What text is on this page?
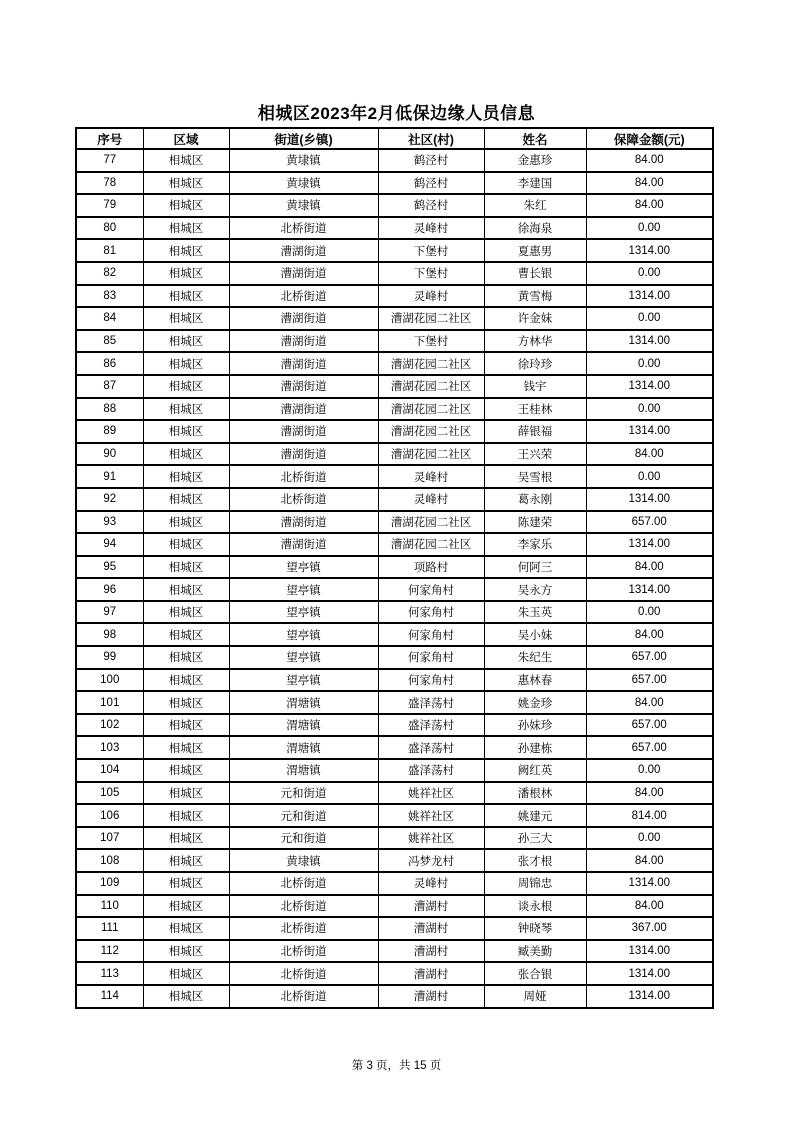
相城区2023年2月低保边缘人员信息
序号	区域	街道(乡镇)	社区(村)	姓名	保障金额(元)
77	相城区	黄埭镇	鹤泾村	金惠珍	84.00
78	相城区	黄埭镇	鹤泾村	李建国	84.00
79	相城区	黄埭镇	鹤泾村	朱红	84.00
80	相城区	北桥街道	灵峰村	徐海泉	0.00
81	相城区	漕湖街道	下堡村	夏惠男	1314.00
82	相城区	漕湖街道	下堡村	曹长银	0.00
83	相城区	北桥街道	灵峰村	黄雪梅	1314.00
84	相城区	漕湖街道	漕湖花园二社区	许金妹	0.00
85	相城区	漕湖街道	下堡村	方林华	1314.00
86	相城区	漕湖街道	漕湖花园二社区	徐玲珍	0.00
87	相城区	漕湖街道	漕湖花园二社区	钱宇	1314.00
88	相城区	漕湖街道	漕湖花园二社区	王桂林	0.00
89	相城区	漕湖街道	漕湖花园二社区	薛银福	1314.00
90	相城区	漕湖街道	漕湖花园二社区	王兴荣	84.00
91	相城区	北桥街道	灵峰村	吴雪根	0.00
92	相城区	北桥街道	灵峰村	葛永刚	1314.00
93	相城区	漕湖街道	漕湖花园二社区	陈建荣	657.00
94	相城区	漕湖街道	漕湖花园二社区	李家乐	1314.00
95	相城区	望亭镇	项路村	何阿三	84.00
96	相城区	望亭镇	何家角村	吴永方	1314.00
97	相城区	望亭镇	何家角村	朱玉英	0.00
98	相城区	望亭镇	何家角村	吴小妹	84.00
99	相城区	望亭镇	何家角村	朱纪生	657.00
100	相城区	望亭镇	何家角村	惠林春	657.00
101	相城区	渭塘镇	盛泽荡村	姚金珍	84.00
102	相城区	渭塘镇	盛泽荡村	孙妹珍	657.00
103	相城区	渭塘镇	盛泽荡村	孙建栋	657.00
104	相城区	渭塘镇	盛泽荡村	阙红英	0.00
105	相城区	元和街道	姚祥社区	潘根林	84.00
106	相城区	元和街道	姚祥社区	姚建元	814.00
107	相城区	元和街道	姚祥社区	孙三大	0.00
108	相城区	黄埭镇	冯梦龙村	张才根	84.00
109	相城区	北桥街道	灵峰村	周锦忠	1314.00
110	相城区	北桥街道	漕湖村	谈永根	84.00
111	相城区	北桥街道	漕湖村	钟晓琴	367.00
112	相城区	北桥街道	漕湖村	臧美勤	1314.00
113	相城区	北桥街道	漕湖村	张合银	1314.00
114	相城区	北桥街道	漕湖村	周娅	1314.00
第 3 页，共 15 页
